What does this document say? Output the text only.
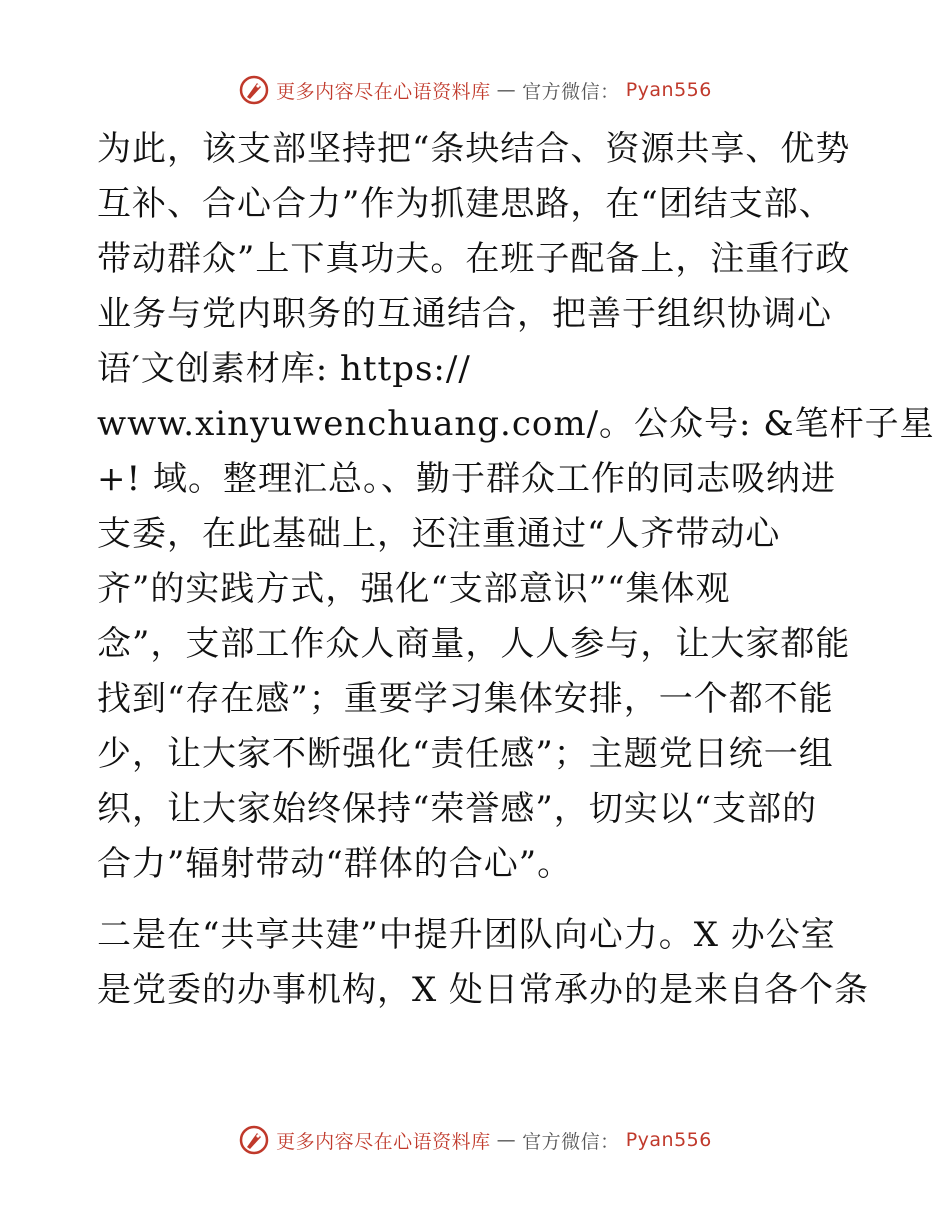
更多内容尽在心语资料库 — 官方微信： Pyan556
为此，该支部坚持把“条块结合、资源共享、优势
互补、合心合力”作为抓建思路，在“团结支部、
带动群众”上下真功夫。在班子配备上，注重行政
业务与党内职务的互通结合，把善于组织协调心
语′文创素材库: https://
www.xinyuwenchuang.com/。公众号: &笔杆子星
+! 域。整理汇总。、勤于群众工作的同志吸纳进
支委，在此基础上，还注重通过“人齐带动心
齐”的实践方式，强化“支部意识”“集体观
念”，支部工作众人商量，人人参与，让大家都能
找到“存在感”；重要学习集体安排，一个都不能
少，让大家不断强化“责任感”；主题党日统一组
织，让大家始终保持“荣誉感”，切实以“支部的
合力”辐射带动“群体的合心”。
二是在“共享共建”中提升团队向心力。X 办公室
是党委的办事机构，X 处日常承办的是来自各个条
更多内容尽在心语资料库 — 官方微信： Pyan556
